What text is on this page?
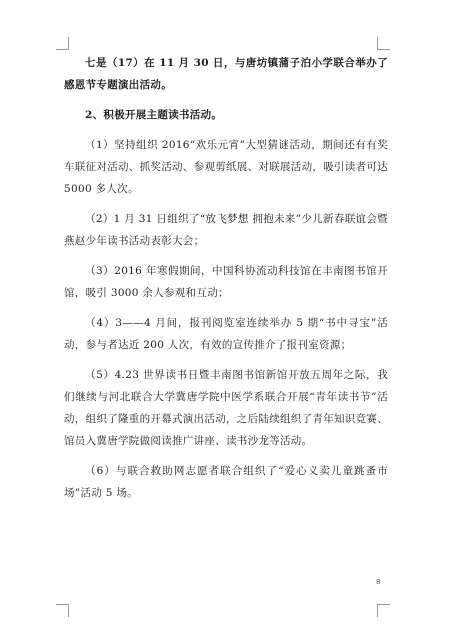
七是（17）在 11 月 30 日，与唐坊镇蒲子泊小学联合举办了感恩节专题演出活动。

2、积极开展主题读书活动。

（1）坚持组织 2016“欢乐元宵”大型猜谜活动，期间还有有奖车联征对活动、抓奖活动、参观剪纸展、对联展活动，吸引读者可达 5000 多人次。

（2）1 月 31 日组织了“放飞梦想 拥抱未来”少儿新春联谊会暨燕赵少年读书活动表彰大会；

（3）2016 年寒假期间，中国科协流动科技馆在丰南图书馆开馆，吸引 3000 余人参观和互动；

（4）3——4 月间，报刊阅览室连续举办 5 期“书中寻宝”活动，参与者达近 200 人次，有效的宣传推介了报刊室资源；

（5）4.23 世界读书日暨丰南图书馆新馆开放五周年之际，我们继续与河北联合大学冀唐学院中医学系联合开展“青年读书节”活动，组织了隆重的开幕式演出活动，之后陆续组织了青年知识竞赛、馆员入冀唐学院做阅读推广讲座、读书沙龙等活动。

（6）与联合救助网志愿者联合组织了“爱心义卖儿童跳蚤市场”活动 5 场。

8
